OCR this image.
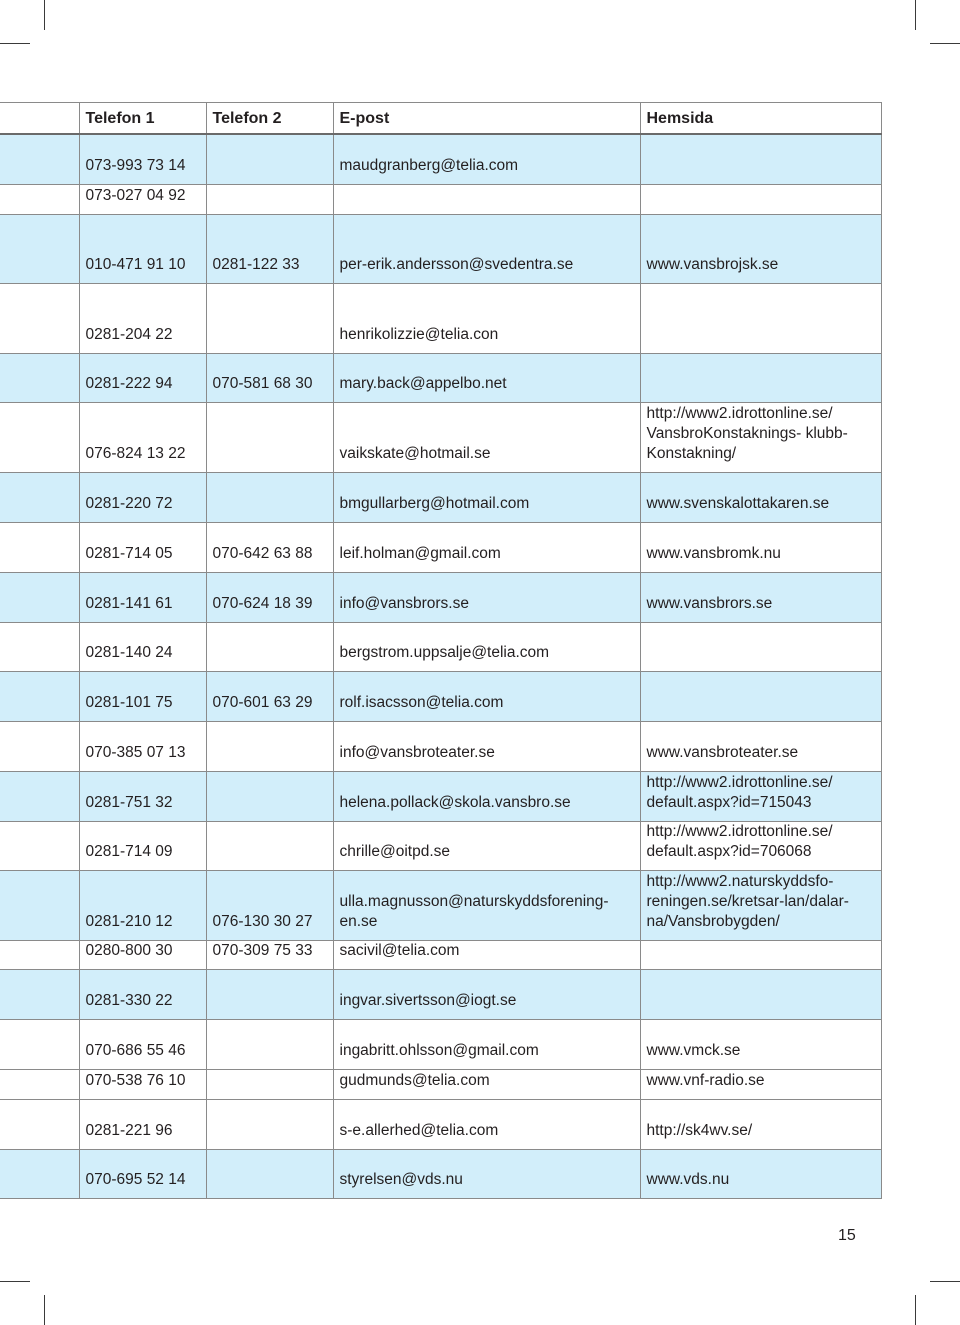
	Telefon 1	Telefon 2	E-post	Hemsida
	073-993 73 14		maudgranberg@telia.com	
	073-027 04 92			
	010-471 91 10	0281-122 33	per-erik.andersson@svedentra.se	www.vansbrojsk.se
	0281-204 22		henrikolizzie@telia.con	
	0281-222 94	070-581 68 30	mary.back@appelbo.net	
	076-824 13 22		vaikskate@hotmail.se	http://www2.idrottonline.se/ VansbroKonstaknings- klubb-Konstakning/
	0281-220 72		bmgullarberg@hotmail.com	www.svenskalottakaren.se
	0281-714 05	070-642 63 88	leif.holman@gmail.com	www.vansbromk.nu
	0281-141 61	070-624 18 39	info@vansbrors.se	www.vansbrors.se
	0281-140 24		bergstrom.uppsalje@telia.com	
	0281-101 75	070-601 63 29	rolf.isacsson@telia.com	
	070-385 07 13		info@vansbroteater.se	www.vansbroteater.se
	0281-751 32		helena.pollack@skola.vansbro.se	http://www2.idrottonline.se/ default.aspx?id=715043
	0281-714 09		chrille@oitpd.se	http://www2.idrottonline.se/ default.aspx?id=706068
	0281-210 12	076-130 30 27	ulla.magnusson@naturskyddsforening- en.se	http://www2.naturskyddsfo- reningen.se/kretsar-lan/dalar- na/Vansbrobygden/
	0280-800 30	070-309 75 33	sacivil@telia.com	
	0281-330 22		ingvar.sivertsson@iogt.se	
	070-686 55 46		ingabritt.ohlsson@gmail.com	www.vmck.se
	070-538 76 10		gudmunds@telia.com	www.vnf-radio.se
	0281-221 96		s-e.allerhed@telia.com	http://sk4wv.se/
	070-695 52 14		styrelsen@vds.nu	www.vds.nu
15
